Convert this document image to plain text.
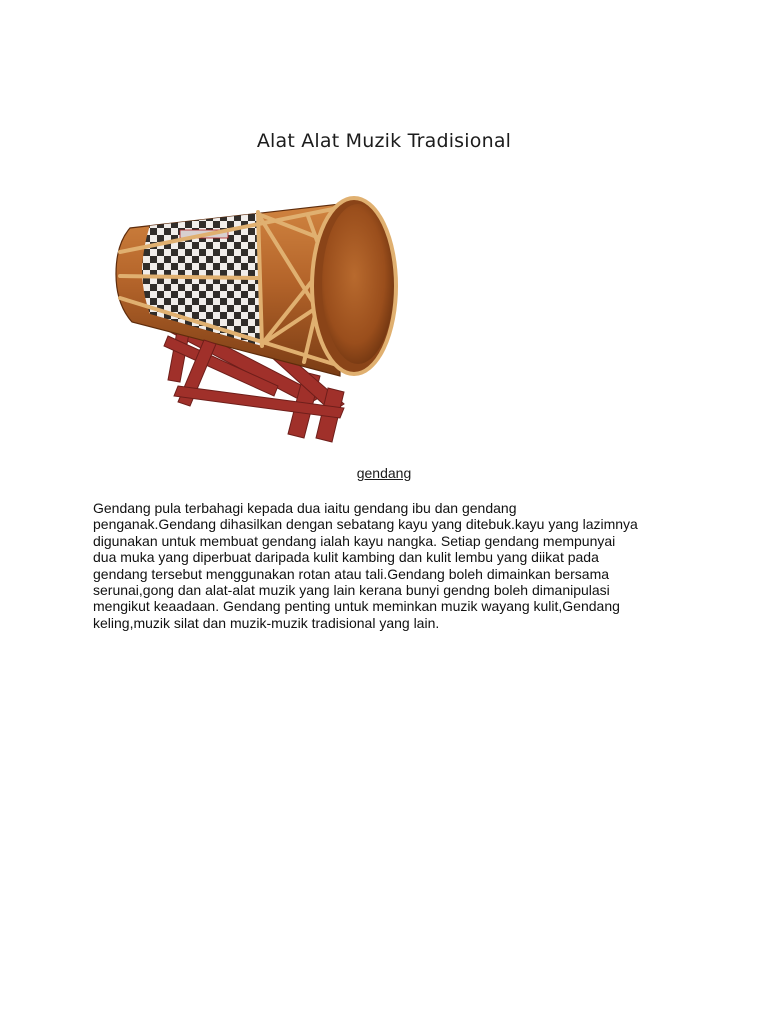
Alat Alat Muzik Tradisional
gendang

Gendang pula terbahagi kepada dua iaitu gendang ibu dan gendang
penganak.Gendang dihasilkan dengan sebatang kayu yang ditebuk.kayu yang lazimnya
digunakan untuk membuat gendang ialah kayu nangka. Setiap gendang mempunyai
dua muka yang diperbuat daripada kulit kambing dan kulit lembu yang diikat pada
gendang tersebut menggunakan rotan atau tali.Gendang boleh dimainkan bersama
serunai,gong dan alat-alat muzik yang lain kerana bunyi gendng boleh dimanipulasi
mengikut keaadaan. Gendang penting untuk meminkan muzik wayang kulit,Gendang
keling,muzik silat dan muzik-muzik tradisional yang lain.
